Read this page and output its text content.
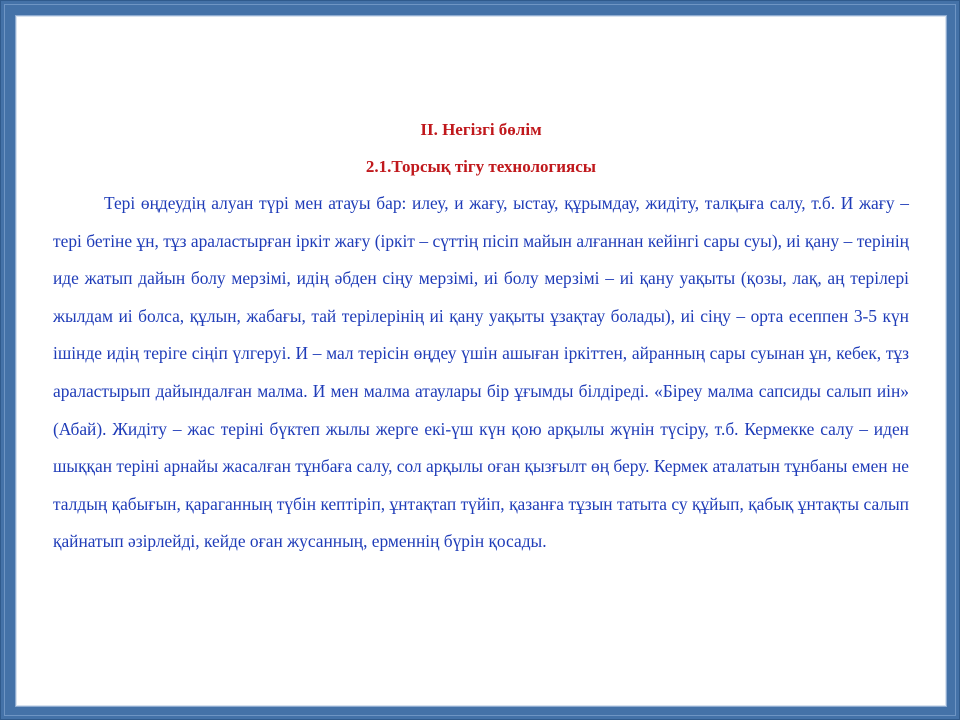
II. Негізгі бөлім

2.1.Торсық тігу технологиясы

Тері өңдеудің алуан түрі мен атауы бар: илеу, и жағу, ыстау, құрымдау, жидіту, талқыға салу, т.б. И жағу – тері бетіне ұн, тұз араластырған іркіт жағу (іркіт – сүттің пісіп майын алғаннан кейінгі сары суы), иі қану – терінің иде жатып дайын болу мерзімі, идің әбден сіңу мерзімі, иі болу мерзімі – иі қану уақыты (қозы, лақ, аң терілері жылдам иі болса, құлын, жабағы, тай терілерінің иі қану уақыты ұзақтау болады), иі сіңу – орта есеппен 3-5 күн ішінде идің теріге сіңіп үлгеруі. И – мал терісін өңдеу үшін ашыған іркіттен, айранның сары суынан ұн, кебек, тұз араластырып дайындалған малма. И мен малма атаулары бір ұғымды білдіреді. «Біреу малма сапсиды салып иін» (Абай). Жидіту – жас теріні бүктеп жылы жерге екі-үш күн қою арқылы жүнін түсіру, т.б. Кермекке салу – иден шыққан теріні арнайы жасалған тұнбаға салу, сол арқылы оған қызғылт өң беру. Кермек аталатын тұнбаны емен не талдың қабығын, қараганның түбін кептіріп, ұнтақтап түйіп, қазанға тұзын татыта су құйып, қабық ұнтақты салып қайнатып әзірлейді, кейде оған жусанның, ерменнің бүрін қосады.
